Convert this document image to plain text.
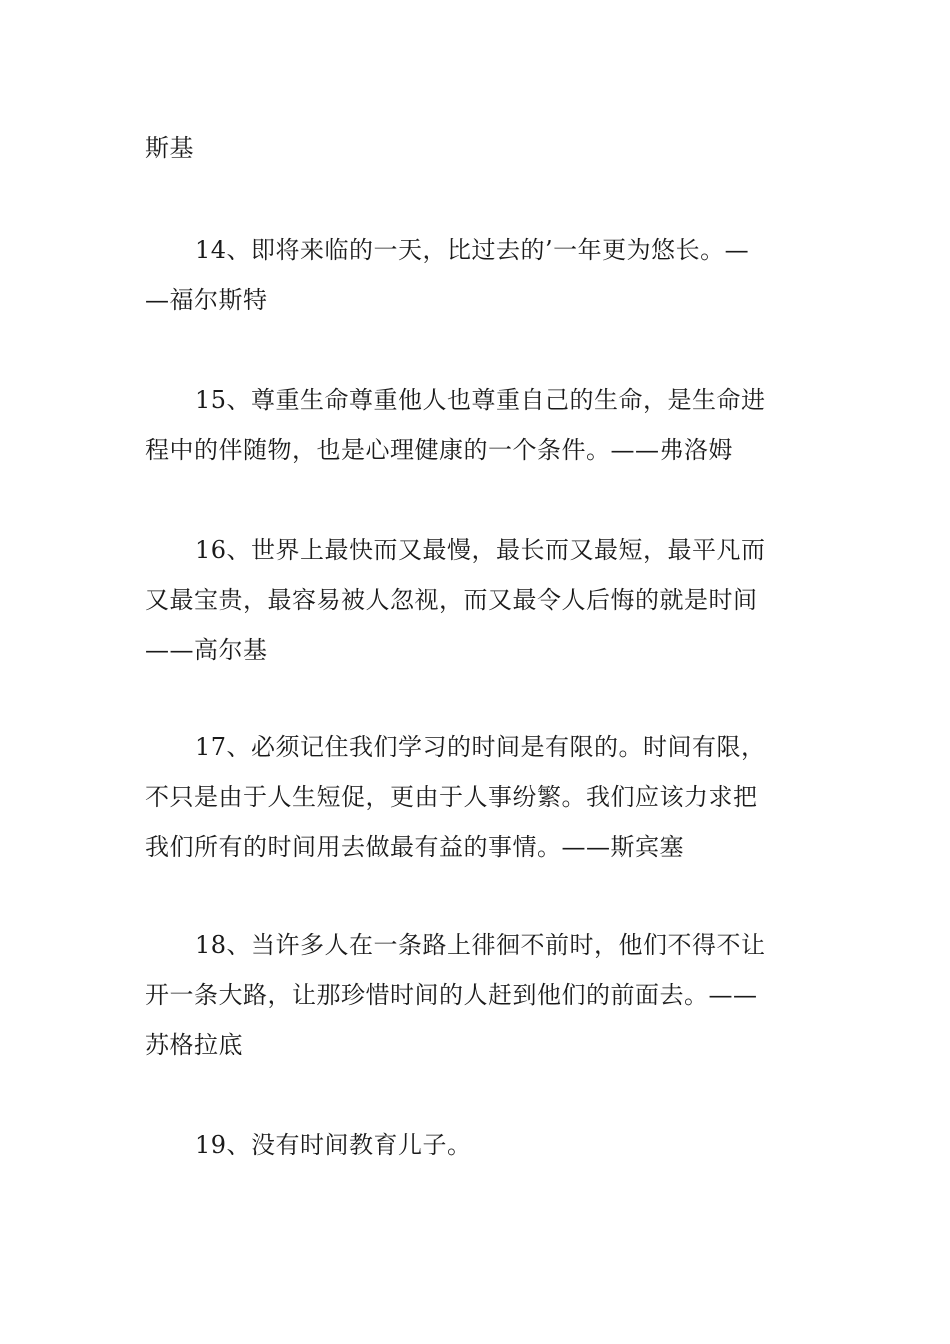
斯基
14、即将来临的一天，比过去的’一年更为悠长。—
—福尔斯特
15、尊重生命尊重他人也尊重自己的生命，是生命进
程中的伴随物，也是心理健康的一个条件。——弗洛姆
16、世界上最快而又最慢，最长而又最短，最平凡而
又最宝贵，最容易被人忽视，而又最令人后悔的就是时间
——高尔基
17、必须记住我们学习的时间是有限的。时间有限，
不只是由于人生短促，更由于人事纷繁。我们应该力求把
我们所有的时间用去做最有益的事情。——斯宾塞
18、当许多人在一条路上徘徊不前时，他们不得不让
开一条大路，让那珍惜时间的人赶到他们的前面去。——
苏格拉底
19、没有时间教育儿子。
